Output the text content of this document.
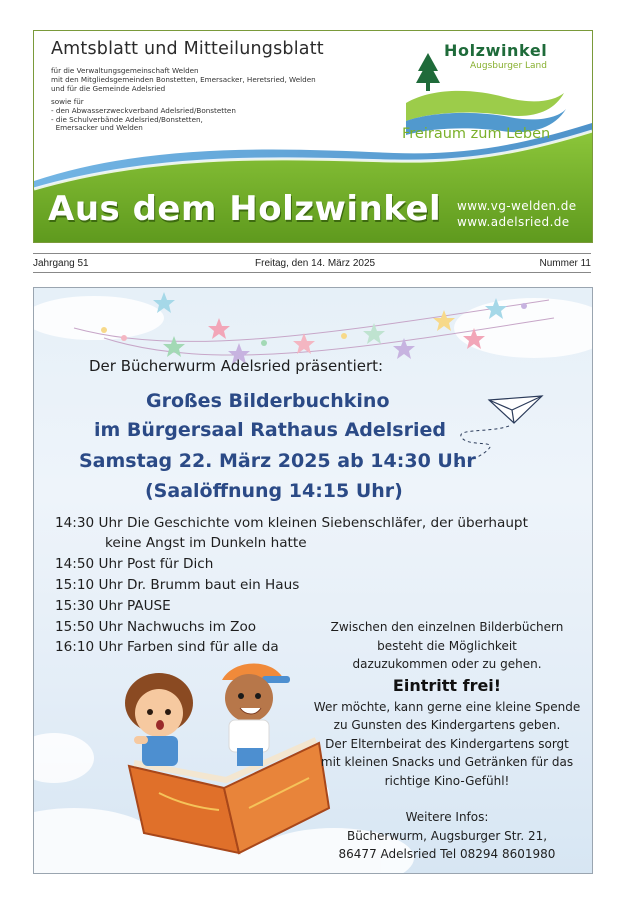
Amtsblatt und Mitteilungsblatt
für die Verwaltungsgemeinschaft Welden
mit den Mitgliedsgemeinden Bonstetten, Emersacker, Heretsried, Welden
und für die Gemeinde Adelsried
sowie für
- den Abwasserzweckverband Adelsried/Bonstetten
- die Schulverbände Adelsried/Bonstetten,
Emersacker und Welden
Holzwinkel
Augsburger Land
Freiraum zum Leben
Aus dem Holzwinkel www.vg-welden.de
www.adelsried.de
Jahrgang 51	Freitag, den 14. März 2025	Nummer 11
Der Bücherwurm Adelsried präsentiert:
Großes Bilderbuchkino
im Bürgersaal Rathaus Adelsried
Samstag 22. März 2025 ab 14:30 Uhr
(Saalöffnung 14:15 Uhr)
14:30 Uhr Die Geschichte vom kleinen Siebenschläfer, der überhaupt
keine Angst im Dunkeln hatte
14:50 Uhr Post für Dich
15:10 Uhr Dr. Brumm baut ein Haus
15:30 Uhr PAUSE
15:50 Uhr Nachwuchs im Zoo
16:10 Uhr Farben sind für alle da
Zwischen den einzelnen Bilderbüchern
besteht die Möglichkeit
dazuzukommen oder zu gehen.
Eintritt frei!
Wer möchte, kann gerne eine kleine Spende
zu Gunsten des Kindergartens geben.
Der Elternbeirat des Kindergartens sorgt
mit kleinen Snacks und Getränken für das
richtige Kino-Gefühl!
Weitere Infos:
Bücherwurm, Augsburger Str. 21,
86477 Adelsried Tel 08294 8601980
